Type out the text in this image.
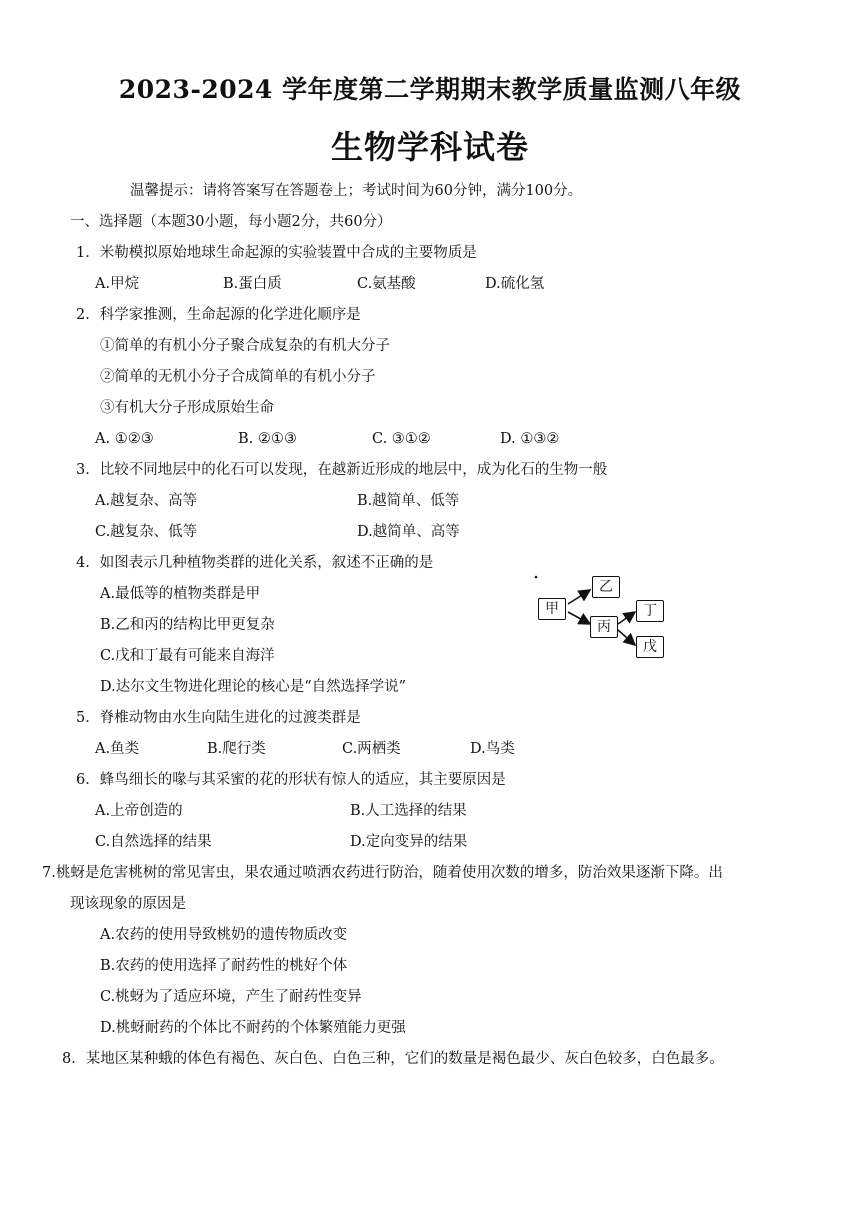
2023-2024 学年度第二学期期末教学质量监测八年级
生物学科试卷
温馨提示：请将答案写在答题卷上；考试时间为60分钟，满分100分。
一、选择题（本题30小题，每小题2分，共60分）
1．米勒模拟原始地球生命起源的实验装置中合成的主要物质是
A.甲烷	B.蛋白质	C.氨基酸	D.硫化氢
2．科学家推测，生命起源的化学进化顺序是
①简单的有机小分子聚合成复杂的有机大分子
②简单的无机小分子合成简单的有机小分子
③有机大分子形成原始生命
A. ①②③	B. ②①③	C. ③①②	D. ①③②
3．比较不同地层中的化石可以发现，在越新近形成的地层中，成为化石的生物一般
A.越复杂、高等	B.越简单、低等
C.越复杂、低等	D.越简单、高等
4．如图表示几种植物类群的进化关系，叙述不正确的是
A.最低等的植物类群是甲
B.乙和丙的结构比甲更复杂
C.戊和丁最有可能来自海洋
D.达尔文生物进化理论的核心是“自然选择学说”
甲
乙
丙
丁
戊
5．脊椎动物由水生向陆生进化的过渡类群是
A.鱼类	B.爬行类	C.两栖类	D.鸟类
6．蜂鸟细长的喙与其采蜜的花的形状有惊人的适应，其主要原因是
A.上帝创造的	B.人工选择的结果
C.自然选择的结果	D.定向变异的结果
7.桃蚜是危害桃树的常见害虫，果农通过喷洒农药进行防治，随着使用次数的增多，防治效果逐渐下降。出
现该现象的原因是
A.农药的使用导致桃奶的遗传物质改变
B.农药的使用选择了耐药性的桃好个体
C.桃蚜为了适应环境，产生了耐药性变异
D.桃蚜耐药的个体比不耐药的个体繁殖能力更强
8．某地区某种蛾的体色有褐色、灰白色、白色三种，它们的数量是褐色最少、灰白色较多，白色最多。
